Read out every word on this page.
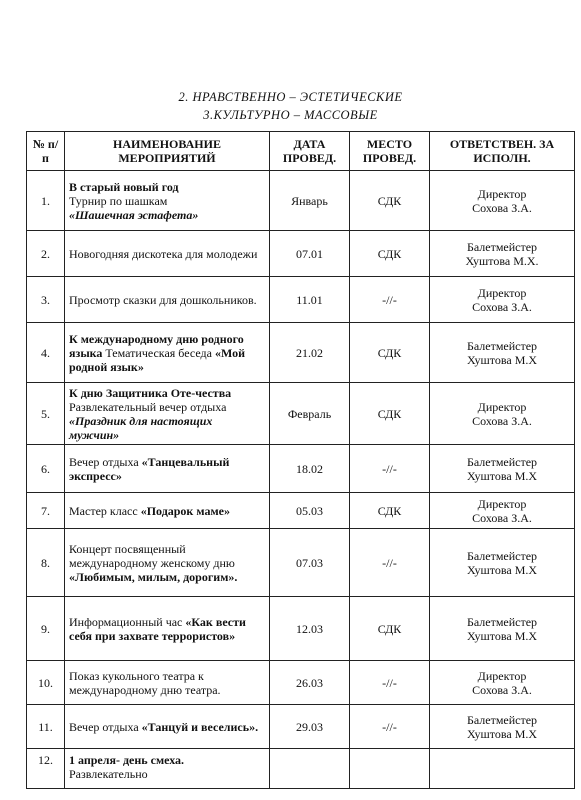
2. НРАВСТВЕННО – ЭСТЕТИЧЕСКИЕ
3.КУЛЬТУРНО – МАССОВЫЕ
№ п/п	НАИМЕНОВАНИЕ МЕРОПРИЯТИЙ	ДАТА ПРОВЕД.	МЕСТО ПРОВЕД.	ОТВЕТСТВЕН. ЗА ИСПОЛН.
1.	В старый новый год
Турнир по шашкам
«Шашечная эстафета»	Январь	СДК	Директор
Сохова З.А.
2.	Новогодняя дискотека для молодежи	07.01	СДК	Балетмейстер
Хуштова М.Х.
3.	Просмотр сказки для дошкольников.	11.01	-//-	Директор
Сохова З.А.
4.	К международному дню родного языка Тематическая беседа «Мой родной язык»	21.02	СДК	Балетмейстер
Хуштова М.Х
5.	К дню Защитника Оте-чества Развлекательный вечер отдыха «Праздник для настоящих мужчин»	Февраль	СДК	Директор
Сохова З.А.
6.	Вечер отдыха «Танцевальный экспресс»	18.02	-//-	Балетмейстер
Хуштова М.Х
7.	Мастер класс «Подарок маме»	05.03	СДК	Директор
Сохова З.А.
8.	Концерт посвященный международному женскому дню «Любимым, милым, дорогим».	07.03	-//-	Балетмейстер
Хуштова М.Х
9.	Информационный час «Как вести себя при захвате террористов»	12.03	СДК	Балетмейстер
Хуштова М.Х
10.	Показ кукольного театра к международному дню театра.	26.03	-//-	Директор
Сохова З.А.
11.	Вечер отдыха «Танцуй и веселись».	29.03	-//-	Балетмейстер
Хуштова М.Х
12.	1 апреля- день смеха.
Развлекательно			
